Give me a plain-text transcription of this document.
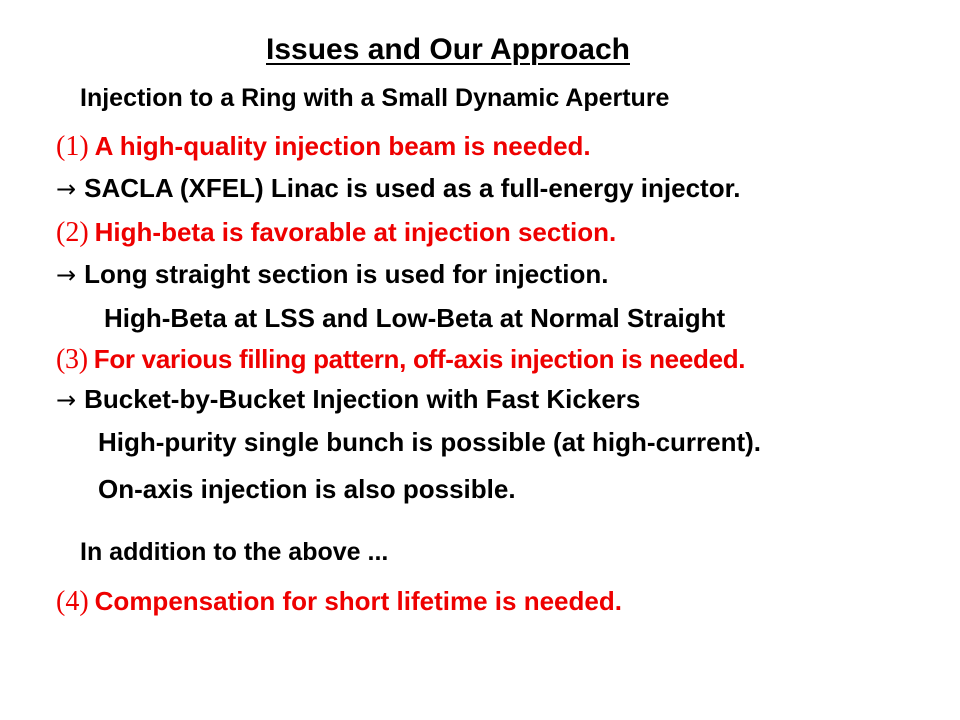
Issues and Our Approach
Injection to a Ring with a Small Dynamic Aperture
(1) A high-quality injection beam is needed.
→ SACLA (XFEL) Linac is used as a full-energy injector.
(2) High-beta is favorable at injection section.
→ Long straight section is used for injection.
High-Beta at LSS and Low-Beta at Normal Straight
(3) For various filling pattern, off-axis injection is needed.
→ Bucket-by-Bucket Injection with Fast Kickers
High-purity single bunch is possible (at high-current).
On-axis injection is also possible.
In addition to the above ...
(4) Compensation for short lifetime is needed.
